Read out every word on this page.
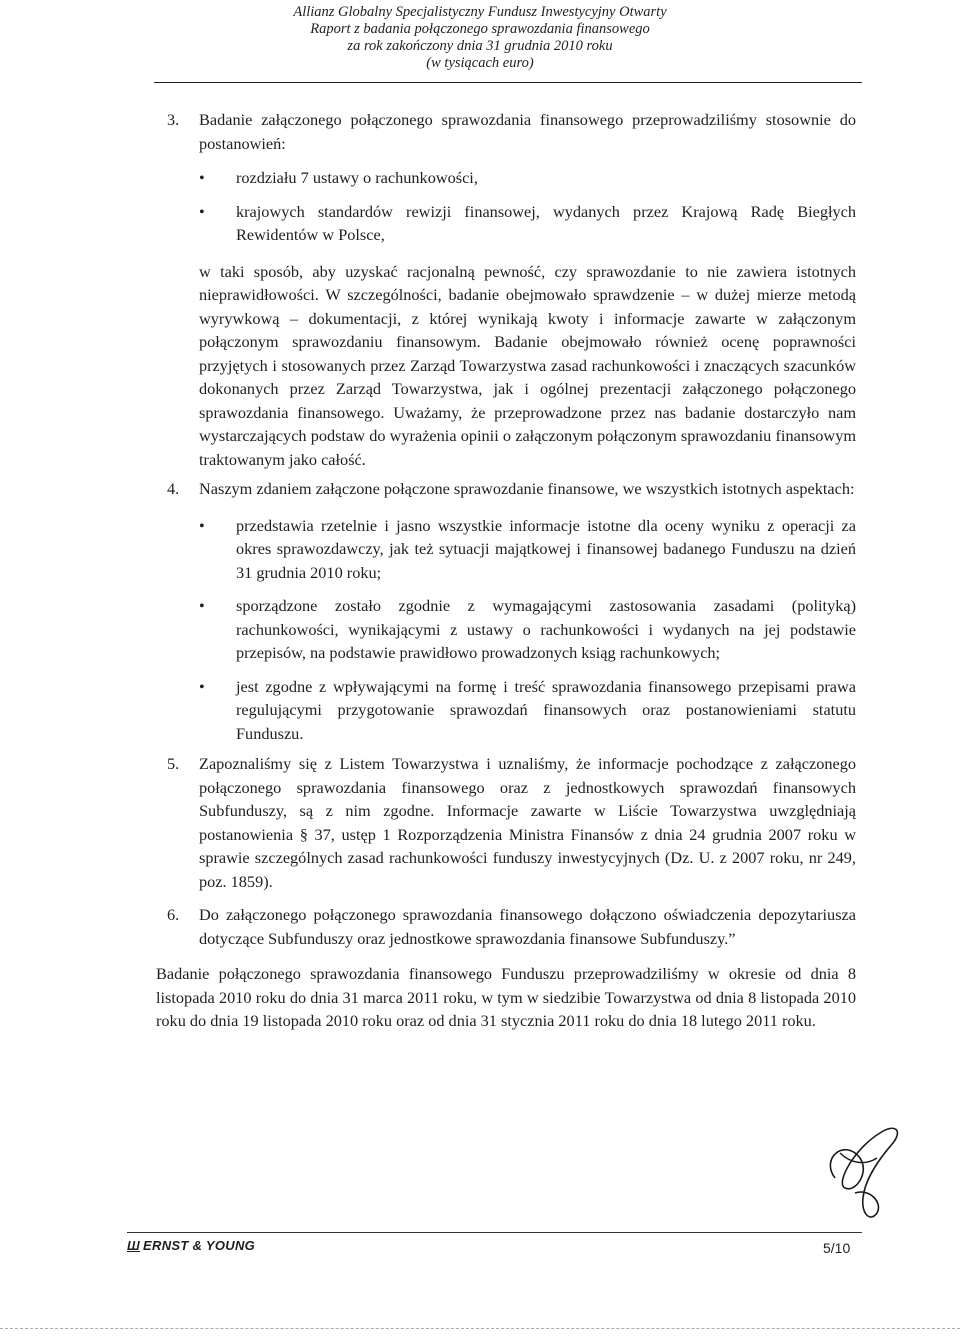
Allianz Globalny Specjalistyczny Fundusz Inwestycyjny Otwarty
Raport z badania połączonego sprawozdania finansowego
za rok zakończony dnia 31 grudnia 2010 roku
(w tysiącach euro)
3. Badanie załączonego połączonego sprawozdania finansowego przeprowadziliśmy stosownie do postanowień:

•	rozdziału 7 ustawy o rachunkowości,
•	krajowych standardów rewizji finansowej, wydanych przez Krajową Radę Biegłych Rewidentów w Polsce,

w taki sposób, aby uzyskać racjonalną pewność, czy sprawozdanie to nie zawiera istotnych nieprawidłowości. W szczególności, badanie obejmowało sprawdzenie – w dużej mierze metodą wyrywkową – dokumentacji, z której wynikają kwoty i informacje zawarte w załączonym połączonym sprawozdaniu finansowym. Badanie obejmowało również ocenę poprawności przyjętych i stosowanych przez Zarząd Towarzystwa zasad rachunkowości i znaczących szacunków dokonanych przez Zarząd Towarzystwa, jak i ogólnej prezentacji załączonego połączonego sprawozdania finansowego. Uważamy, że przeprowadzone przez nas badanie dostarczyło nam wystarczających podstaw do wyrażenia opinii o załączonym połączonym sprawozdaniu finansowym traktowanym jako całość.

4. Naszym zdaniem załączone połączone sprawozdanie finansowe, we wszystkich istotnych aspektach:

•	przedstawia rzetelnie i jasno wszystkie informacje istotne dla oceny wyniku z operacji za okres sprawozdawczy, jak też sytuacji majątkowej i finansowej badanego Funduszu na dzień 31 grudnia 2010 roku;
•	sporządzone zostało zgodnie z wymagającymi zastosowania zasadami (polityką) rachunkowości, wynikającymi z ustawy o rachunkowości i wydanych na jej podstawie przepisów, na podstawie prawidłowo prowadzonych ksiąg rachunkowych;
•	jest zgodne z wpływającymi na formę i treść sprawozdania finansowego przepisami prawa regulującymi przygotowanie sprawozdań finansowych oraz postanowieniami statutu Funduszu.
5. Zapoznaliśmy się z Listem Towarzystwa i uznaliśmy, że informacje pochodzące z załączonego połączonego sprawozdania finansowego oraz z jednostkowych sprawozdań finansowych Subfunduszy, są z nim zgodne. Informacje zawarte w Liście Towarzystwa uwzględniają postanowienia § 37, ustęp 1 Rozporządzenia Ministra Finansów z dnia 24 grudnia 2007 roku w sprawie szczególnych zasad rachunkowości funduszy inwestycyjnych (Dz. U. z 2007 roku, nr 249, poz. 1859).

6. Do załączonego połączonego sprawozdania finansowego dołączono oświadczenia depozytariusza dotyczące Subfunduszy oraz jednostkowe sprawozdania finansowe Subfunduszy.”

Badanie połączonego sprawozdania finansowego Funduszu przeprowadziliśmy w okresie od dnia 8 listopada 2010 roku do dnia 31 marca 2011 roku, w tym w siedzibie Towarzystwa od dnia 8 listopada 2010 roku do dnia 19 listopada 2010 roku oraz od dnia 31 stycznia 2011 roku do dnia 18 lutego 2011 roku.

Ш ERNST & YOUNG	5/10
